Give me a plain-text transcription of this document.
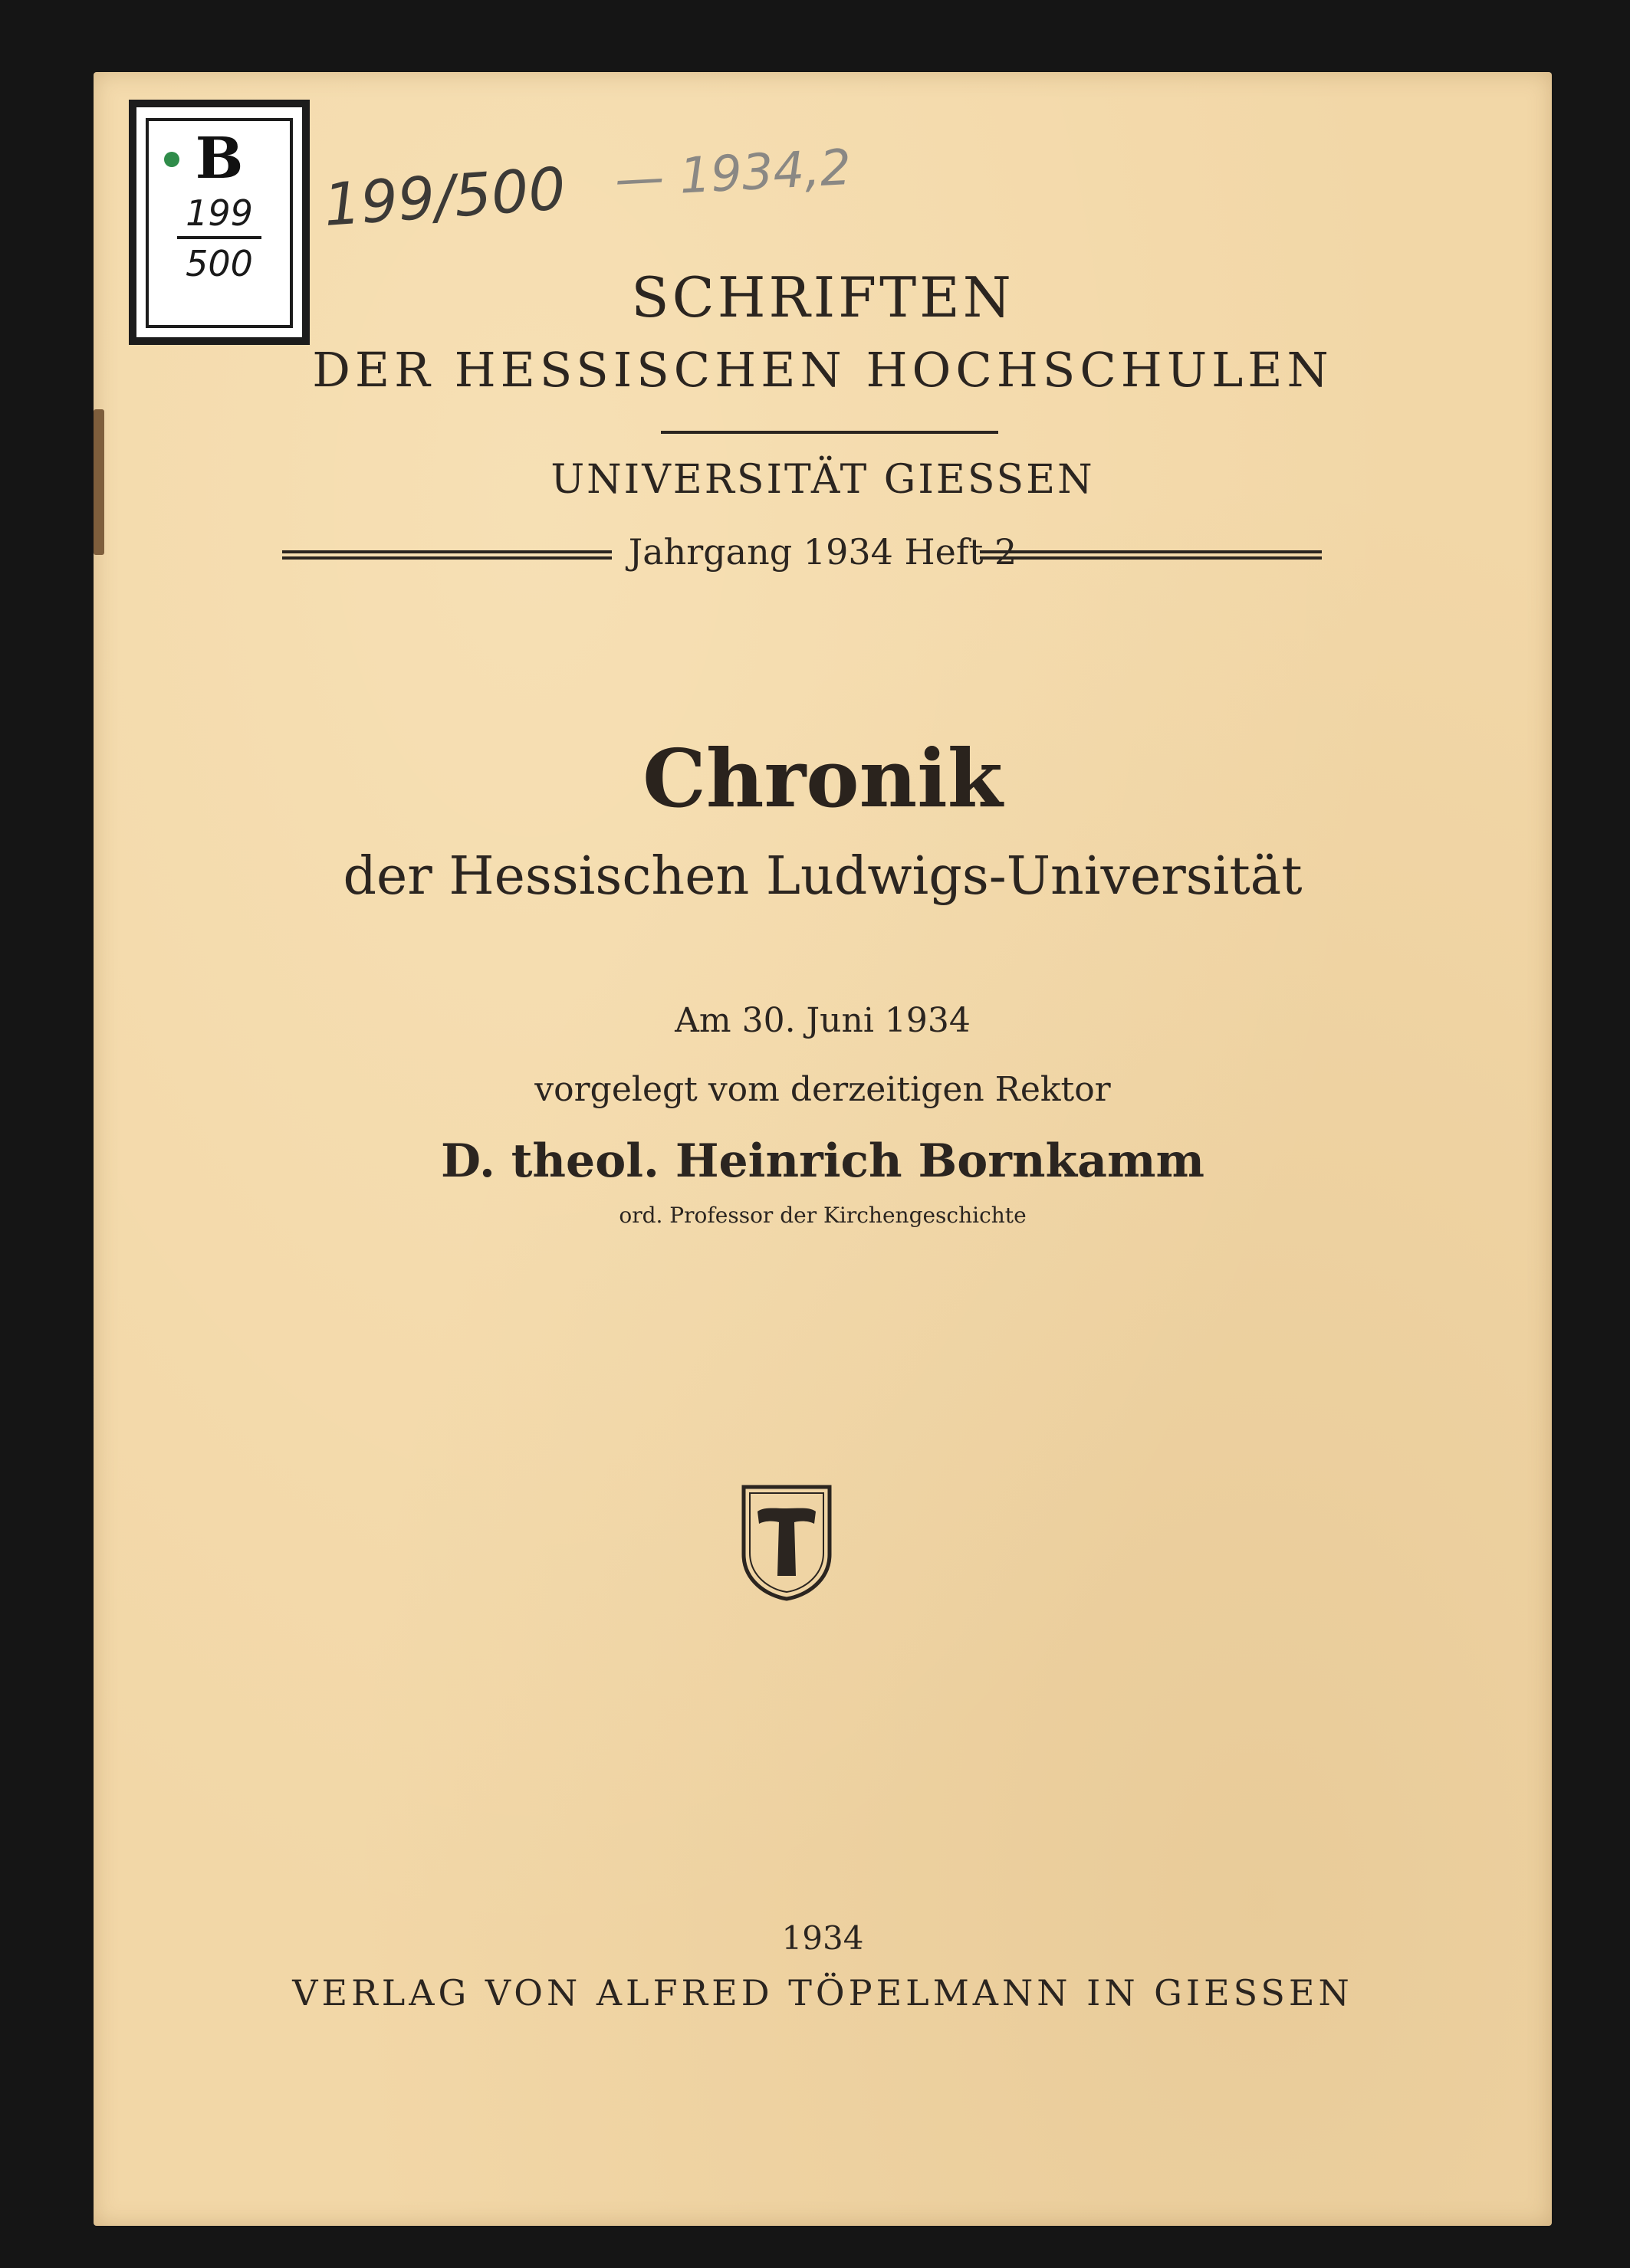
B
199
500
199/500 — 1934,2
SCHRIFTEN
DER HESSISCHEN HOCHSCHULEN
UNIVERSITÄT GIESSEN
Jahrgang 1934 Heft 2
Chronik
der Hessischen Ludwigs-Universität
Am 30. Juni 1934
vorgelegt vom derzeitigen Rektor
D. theol. Heinrich Bornkamm
ord. Professor der Kirchengeschichte
1934
VERLAG VON ALFRED TÖPELMANN IN GIESSEN
